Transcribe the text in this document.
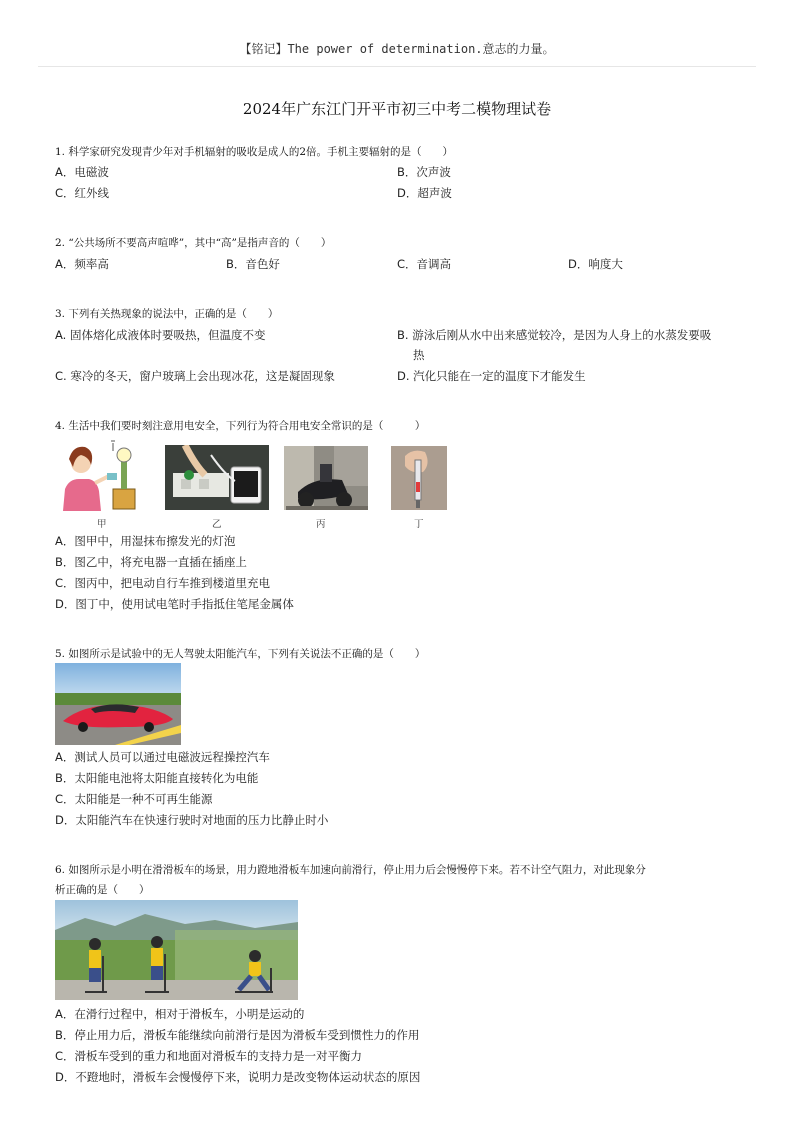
【铭记】The power of determination.意志的力量。
2024年广东江门开平市初三中考二模物理试卷
1. 科学家研究发现青少年对手机辐射的吸收是成人的2倍。手机主要辐射的是（　　）
A．电磁波	B．次声波
C．红外线	D．超声波
2. “公共场所不要高声喧哗”，其中“高”是指声音的（　　）
A．频率高	B．音色好	C．音调高	D．响度大
3. 下列有关热现象的说法中，正确的是（　　）
A. 固体熔化成液体时要吸热，但温度不变	B. 游泳后刚从水中出来感觉较冷，是因为人身上的水蒸发要吸
热
C. 寒冷的冬天，窗户玻璃上会出现冰花，这是凝固现象	D. 汽化只能在一定的温度下才能发生
4. 生活中我们要时刻注意用电安全，下列行为符合用电安全常识的是（　　　）
甲	乙	丙	丁
A．图甲中，用湿抹布擦发光的灯泡
B．图乙中，将充电器一直插在插座上
C．图丙中，把电动自行车推到楼道里充电
D．图丁中，使用试电笔时手指抵住笔尾金属体
5. 如图所示是试验中的无人驾驶太阳能汽车，下列有关说法不正确的是（　　）
A．测试人员可以通过电磁波远程操控汽车
B．太阳能电池将太阳能直接转化为电能
C．太阳能是一种不可再生能源
D．太阳能汽车在快速行驶时对地面的压力比静止时小
6. 如图所示是小明在滑滑板车的场景，用力蹬地滑板车加速向前滑行，停止用力后会慢慢停下来。若不计空气阻力，对此现象分
析正确的是（　　）
A．在滑行过程中，相对于滑板车，小明是运动的
B．停止用力后，滑板车能继续向前滑行是因为滑板车受到惯性力的作用
C．滑板车受到的重力和地面对滑板车的支持力是一对平衡力
D．不蹬地时，滑板车会慢慢停下来，说明力是改变物体运动状态的原因
